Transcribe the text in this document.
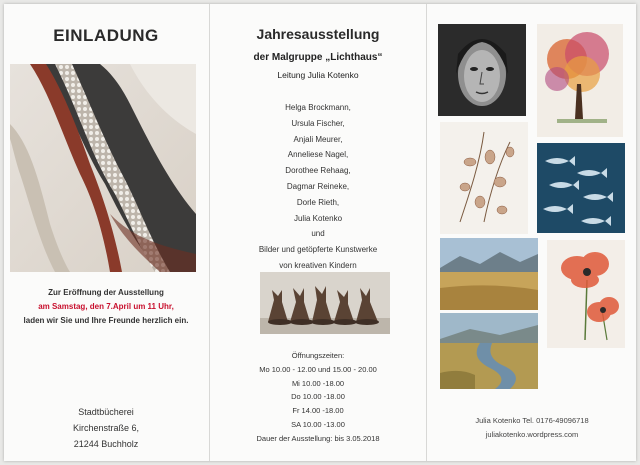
EINLADUNG
Zur Eröffnung der Ausstellung
am Samstag, den 7.April um 11 Uhr,
laden wir Sie und Ihre Freunde herzlich ein.
Stadtbücherei
Kirchenstraße 6,
21244 Buchholz
Jahresausstellung
der Malgruppe „Lichthaus“
Leitung Julia Kotenko
Helga Brockmann,
Ursula Fischer,
Anjali Meurer,
Anneliese Nagel,
Dorothee Rehaag,
Dagmar Reineke,
Dorle Rieth,
Julia Kotenko
und
Bilder und getöpferte Kunstwerke
von kreativen Kindern
Öffnungszeiten:
Mo 10.00 - 12.00 und 15.00 - 20.00
Mi 10.00 -18.00
Do 10.00 -18.00
Fr 14.00 -18.00
SA 10.00 -13.00
Dauer der Ausstellung: bis 3.05.2018
Julia Kotenko Tel. 0176-49096718
juliakotenko.wordpress.com
